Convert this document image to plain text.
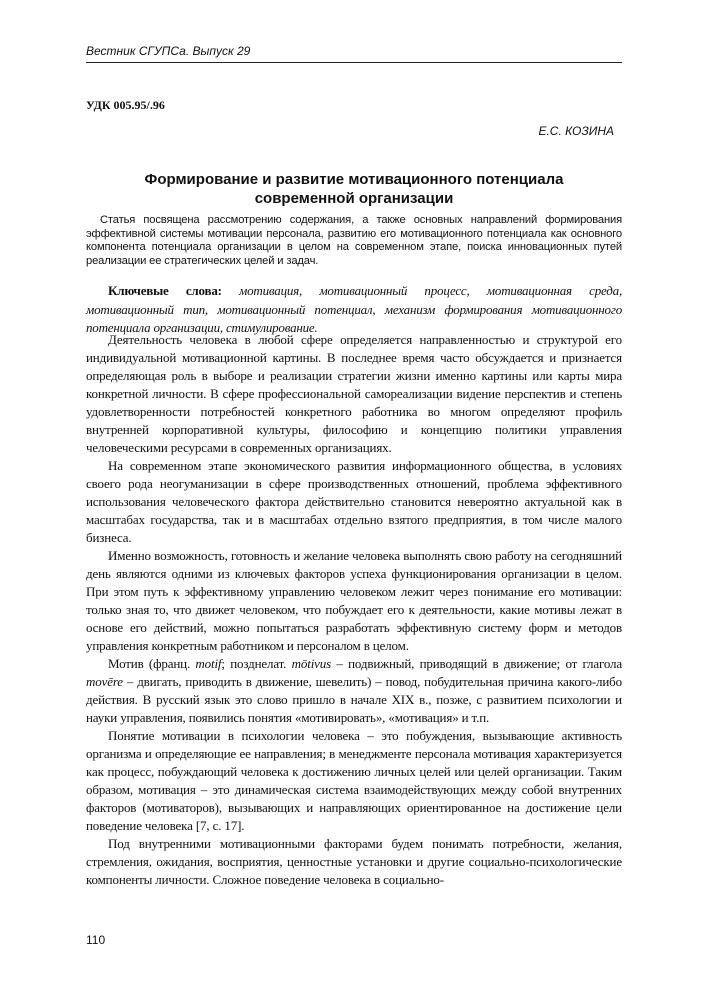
Вестник СГУПСа. Выпуск 29
УДК 005.95/.96
Е.С. КОЗИНА
Формирование и развитие мотивационного потенциала
современной организации

Статья посвящена рассмотрению содержания, а также основных направлений формирования эффективной системы мотивации персонала, развитию его мотивационного потенциала как основного компонента потенциала организации в целом на современном этапе, поиска инновационных путей реализации ее стратегических целей и задач.

Ключевые слова: мотивация, мотивационный процесс, мотивационная среда, мотивационный тип, мотивационный потенциал, механизм формирования мотивационного потенциала организации, стимулирование.

Деятельность человека в любой сфере определяется направленностью и структурой его индивидуальной мотивационной картины. В последнее время часто обсуждается и признается определяющая роль в выборе и реализации стратегии жизни именно картины или карты мира конкретной личности. В сфере профессиональной самореализации видение перспектив и степень удовлетворенности потребностей конкретного работника во многом определяют профиль внутренней корпоративной культуры, философию и концепцию политики управления человеческими ресурсами в современных организациях.

На современном этапе экономического развития информационного общества, в условиях своего рода неогуманизации в сфере производственных отношений, проблема эффективного использования человеческого фактора действительно становится невероятно актуальной как в масштабах государства, так и в масштабах отдельно взятого предприятия, в том числе малого бизнеса.

Именно возможность, готовность и желание человека выполнять свою работу на сегодняшний день являются одними из ключевых факторов успеха функционирования организации в целом. При этом путь к эффективному управлению человеком лежит через понимание его мотивации: только зная то, что движет человеком, что побуждает его к деятельности, какие мотивы лежат в основе его действий, можно попытаться разработать эффективную систему форм и методов управления конкретным работником и персоналом в целом.

Мотив (франц. motif; позднелат. mōtivus – подвижный, приводящий в движение; от глагола movēre – двигать, приводить в движение, шевелить) – повод, побудительная причина какого-либо действия. В русский язык это слово пришло в начале XIX в., позже, с развитием психологии и науки управления, появились понятия «мотивировать», «мотивация» и т.п.

Понятие мотивации в психологии человека – это побуждения, вызывающие активность организма и определяющие ее направления; в менеджменте персонала мотивация характеризуется как процесс, побуждающий человека к достижению личных целей или целей организации. Таким образом, мотивация – это динамическая система взаимодействующих между собой внутренних факторов (мотиваторов), вызывающих и направляющих ориентированное на достижение цели поведение человека [7, с. 17].

Под внутренними мотивационными факторами будем понимать потребности, желания, стремления, ожидания, восприятия, ценностные установки и другие социально-психологические компоненты личности. Сложное поведение человека в социально-

110
